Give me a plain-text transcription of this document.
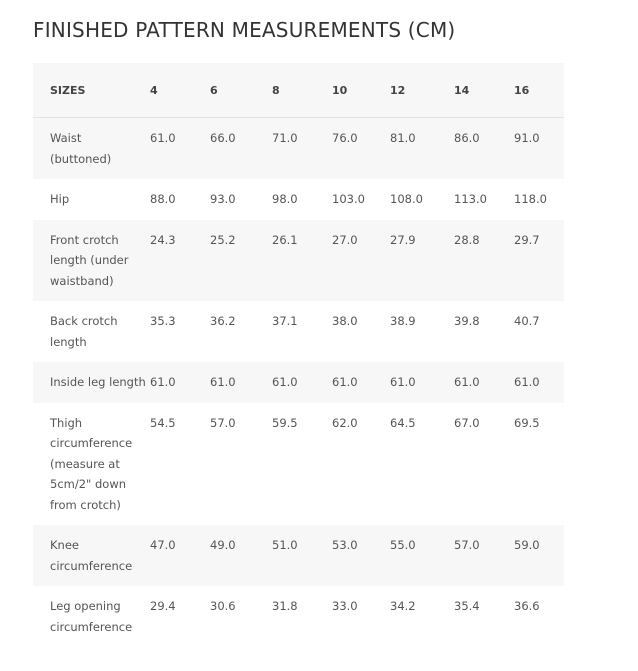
FINISHED PATTERN MEASUREMENTS (CM)
SIZES	4	6	8	10	12	14	16
Waist (buttoned)	61.0	66.0	71.0	76.0	81.0	86.0	91.0
Hip	88.0	93.0	98.0	103.0	108.0	113.0	118.0
Front crotch length (under waistband)	24.3	25.2	26.1	27.0	27.9	28.8	29.7
Back crotch length	35.3	36.2	37.1	38.0	38.9	39.8	40.7
Inside leg length	61.0	61.0	61.0	61.0	61.0	61.0	61.0
Thigh circumference (measure at 5cm/2" down from crotch)	54.5	57.0	59.5	62.0	64.5	67.0	69.5
Knee circumference	47.0	49.0	51.0	53.0	55.0	57.0	59.0
Leg opening circumference	29.4	30.6	31.8	33.0	34.2	35.4	36.6
